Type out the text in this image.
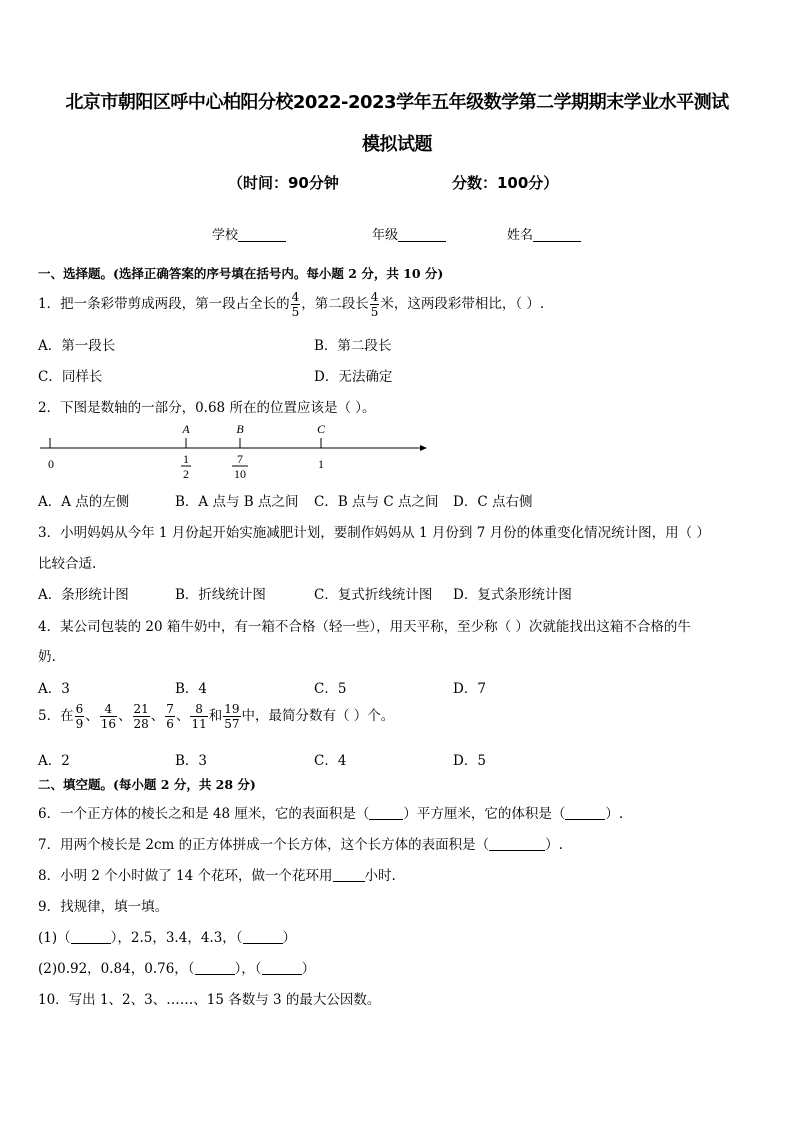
北京市朝阳区呼中心柏阳分校2022-2023学年五年级数学第二学期期末学业水平测试
模拟试题
（时间：90分钟	分数：100分）
学校	年级	姓名
一、选择题。(选择正确答案的序号填在括号内。每小题 2 分，共 10 分)
1．把一条彩带剪成两段，第一段占全长的 $\frac{4}{5}$ ，第二段长 $\frac{4}{5}$ 米，这两段彩带相比，（ ）.
A．第一段长	B．第二段长
C．同样长	D．无法确定
2．下图是数轴的一部分，0.68 所在的位置应该是（ ）。
A	B	C
0	1
2
7
10
1
A．A 点的左侧	B．A 点与 B 点之间 C．B 点与 C 点之间 D．C 点右侧
3．小明妈妈从今年 1 月份起开始实施减肥计划，要制作妈妈从 1 月份到 7 月份的体重变化情况统计图，用（ ）
比较合适.
A．条形统计图	B．折线统计图	C．复式折线统计图 D．复式条形统计图
4．某公司包装的 20 箱牛奶中，有一箱不合格（轻一些），用天平称，至少称（ ）次就能找出这箱不合格的牛
奶.
A．3	B．4	C．5	D．7
5．在 $\frac{6}{9}$ 、 $\frac{4}{16}$ 、 $\frac{21}{28}$ 、 $\frac{7}{6}$ 、 $\frac{8}{11}$ 和 $\frac{19}{57}$ 中，最简分数有（ ）个。
A．2	B．3	C．4	D．5
二、填空题。(每小题 2 分，共 28 分)
6．一个正方体的棱长之和是 48 厘米，它的表面积是（	）平方厘米，它的体积是（	）.
7．用两个棱长是 2cm 的正方体拼成一个长方体，这个长方体的表面积是（	）.
8．小明 2 个小时做了 14 个花环，做一个花环用 小时.
9．找规律，填一填。
(1)（	），2.5，3.4，4.3，（	）
(2)0.92，0.84，0.76，（	），（	）
10．写出 1、2、3、……、15 各数与 3 的最大公因数。
